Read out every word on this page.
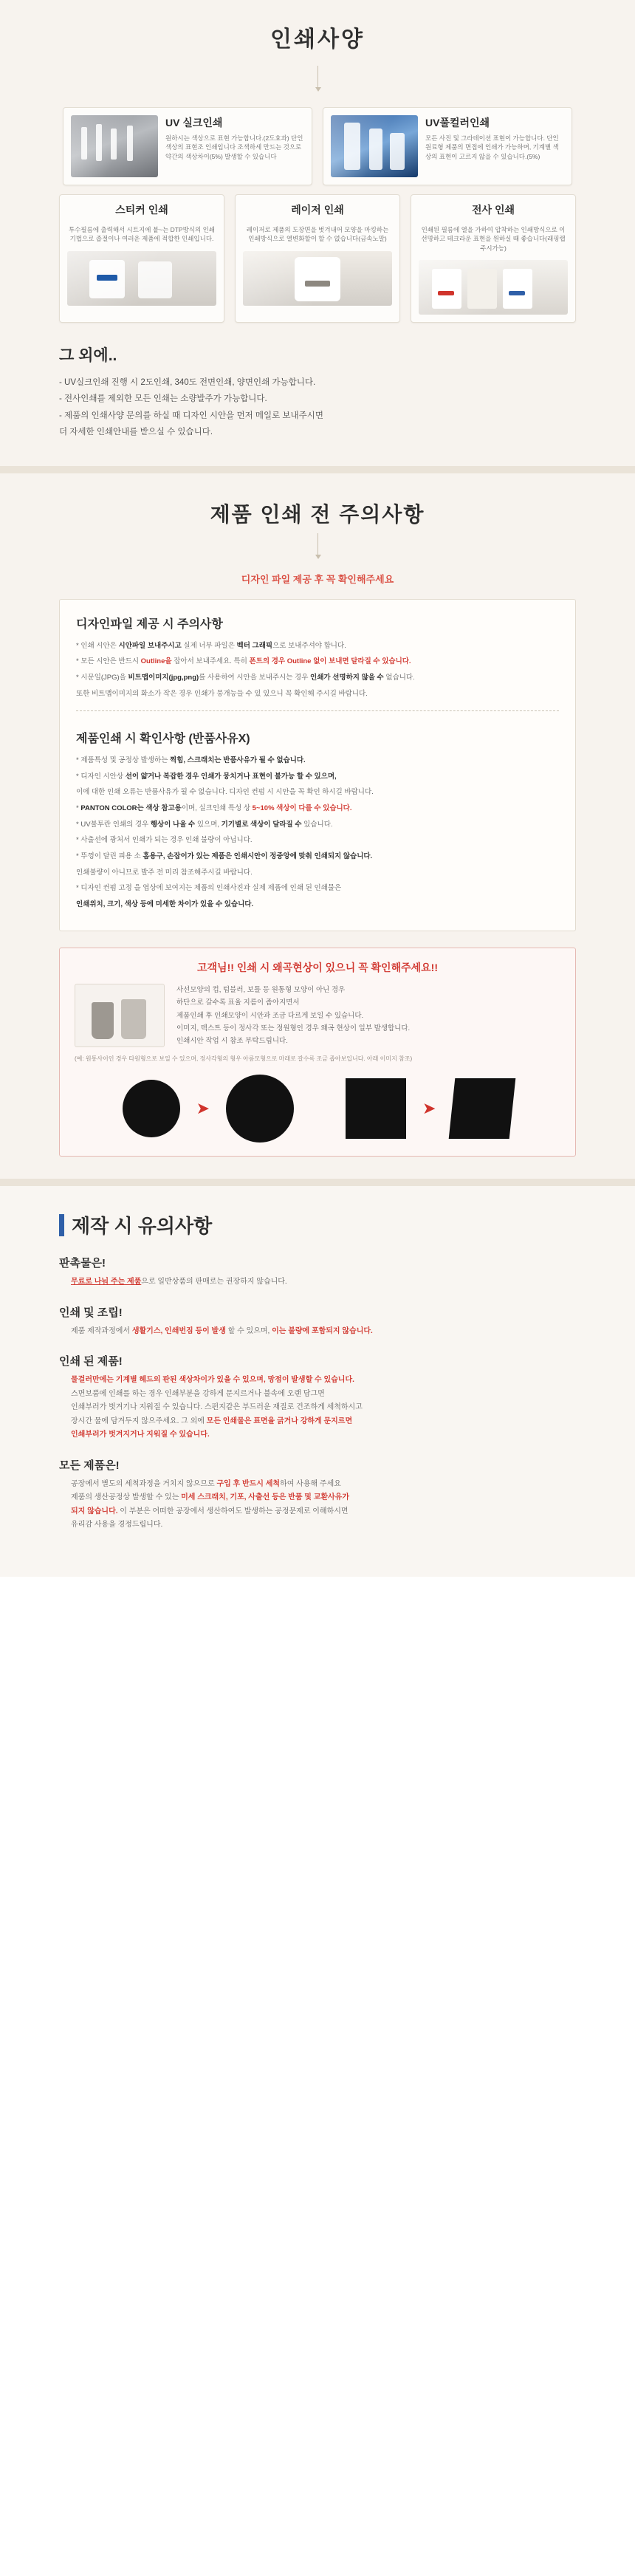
인쇄사양
UV 실크인쇄
원하시는 색상으로 표현 가능합니다.(2도효과) 단인 색상의 표현조 인쇄입니다 조색하세 만드는 것으로 약간의 색상차이(5%) 발생할 수 있습니다
UV풀컬러인쇄
모든 사진 및 그라데이션 표현이 가능합니다. 단인 원료형 제품의 면접에 인쇄가 가능하며, 기계별 색상의 표현이 고르지 않을 수 있습니다.(5%)
스티커 인쇄
투수필름에 출력해서 시트지에 붙~는 DTP방식의 인쇄기법으로 좁절이나 여러운 제품에 적합한 인쇄입니다.
레이저 인쇄
레이저로 제품의 도장면을 벗겨내어 모양을 마킹하는 인쇄방식으로 열변화할이 할 수 없습니다(금속노말)
전사 인쇄
인쇄된 필름에 열을 가하여 압착하는 인쇄방식으로 이 선명하고 테크라운 표현을 원하실 때 좋습니다(래핑랩주시가능)
그 외에..
- UV실크인쇄 진행 시 2도인쇄, 340도 전면인쇄, 양면인쇄 가능합니다.
- 전사인쇄를 제외한 모든 인쇄는 소량발주가 가능합니다.
- 제품의 인쇄사양 문의를 하실 때 디자인 시안을 먼저 메일로 보내주시면
더 자세한 인쇄안내를 받으실 수 있습니다.
제품 인쇄 전 주의사항
디자인 파일 제공 후 꼭 확인해주세요
디자인파일 제공 시 주의사항
* 인쇄 시안은 시안파일 보내주시고 실제 너부 파일은 벡터 그래픽으로 보내주셔야 합니다.
* 모든 시안은 반드시 Outline을 잡아서 보내주세요. 특히 폰트의 경우 Outline 없이 보내면 달라질 수 있습니다.
* 시문일(JPG)을 비트맵이미지(jpg,png)를 사용하여 시안을 보내주시는 경우 인쇄가 선명하지 않을 수 없습니다.
또한 비트맵이미지의 화소가 작은 경우 인쇄가 뭉개능들 수 있 있으니 꼭 확인해 주시길 바랍니다.
제품인쇄 시 확인사항 (반품사유X)
* 제품특성 및 공정상 발생하는 찍힘, 스크래치는 반품사유가 될 수 없습니다.
* 디자인 시안상 선이 얇거나 복잡한 경우 인쇄가 뭉치거나 표현이 불가능 할 수 있으며,
이에 대한 인쇄 오류는 반품사유가 될 수 없습니다. 디자인 컨펌 시 시안을 꼭 확인 하시길 바랍니다.
* PANTON COLOR는 색상 참고용이며, 실크인쇄 특성 상 5~10% 색상이 다를 수 있습니다.
* UV불투란 인쇄의 경우 행상이 나올 수 있으며, 기기별로 색상이 달라질 수 있습니다.
* 사출선에 광처서 인쇄가 되는 경우 인쇄 불량이 아닙니다.
* 뚜껑이 달린 피용 소 홈용구, 손잡이가 있는 제품은 인쇄시안이 정중앙에 맞춰 인쇄되지 않습니다.
인쇄불량이 아니므로 발주 전 미리 참조해주시길 바랍니다.
* 디자인 컨펌 고정 을 엽상에 보여지는 제품의 인쇄사진과 실제 제품에 인쇄 된 인쇄물은
인쇄위치, 크기, 색상 등에 미세한 차이가 있을 수 있습니다.
고객님!! 인쇄 시 왜곡현상이 있으니 꼭 확인해주세요!!
사선모양의 컵, 텀블러, 보틀 등 원통형 모양이 아닌 경우
하단으로 갈수록 표율 지름이 좁아지면서
제품인쇄 후 인쇄모양이 시안과 조금 다르게 보일 수 있습니다.
이미지, 텍스트 등이 정사각 또는 정원형인 경우 왜곡 현상이 일부 발생합니다.
인쇄시안 작업 시 참조 부탁드립니다.
(예: 원통사이인 경우 타원형으로 보일 수 있으며, 정사각형의 형우 아름모형으로 마래로 갈수록 조금 좁아보입니다. 아래 이미지 참조)
➤	➤
제작 시 유의사항
판촉물은!
무료로 나눠 주는 제품으로 일반상품의 판매로는 권장하지 않습니다.
인쇄 및 조립!
제품 제작과정에서 생활기스, 인쇄번짐 등이 발생 할 수 있으며, 이는 불량에 포함되지 않습니다.
인쇄 된 제품!
물걸러만에는 기계별 헤드의 판된 색상차이가 있을 수 있으며, 망점이 발생할 수 있습니다.
스면보품에 인쇄를 하는 경우 인쇄부분을 강하게 문지르거나 불속에 오랜 담그면
인쇄부러가 벗겨기나 지워질 수 있습니다. 스펀지같은 부드러운 재질로 건조하게 세척하시고
장시간 물에 담겨두지 않으주세요. 그 외에 모든 인쇄물은 표면을 긁거나 강하게 문지르면
인쇄부러가 벗겨지거나 지워질 수 있습니다.
모든 제품은!
공장에서 별도의 세척과정을 거치지 않으므로 구입 후 반드시 세척하여 사용해 주세요
제품의 생산공정상 발생할 수 있는 미세 스크래치, 기포, 사출선 등은 반품 및 교환사유가
되지 않습니다. 이 부분은 어떠한 공장에서 생산하여도 발생하는 공정문제로 이해하시면
유리감 사용을 경정드립니다.
